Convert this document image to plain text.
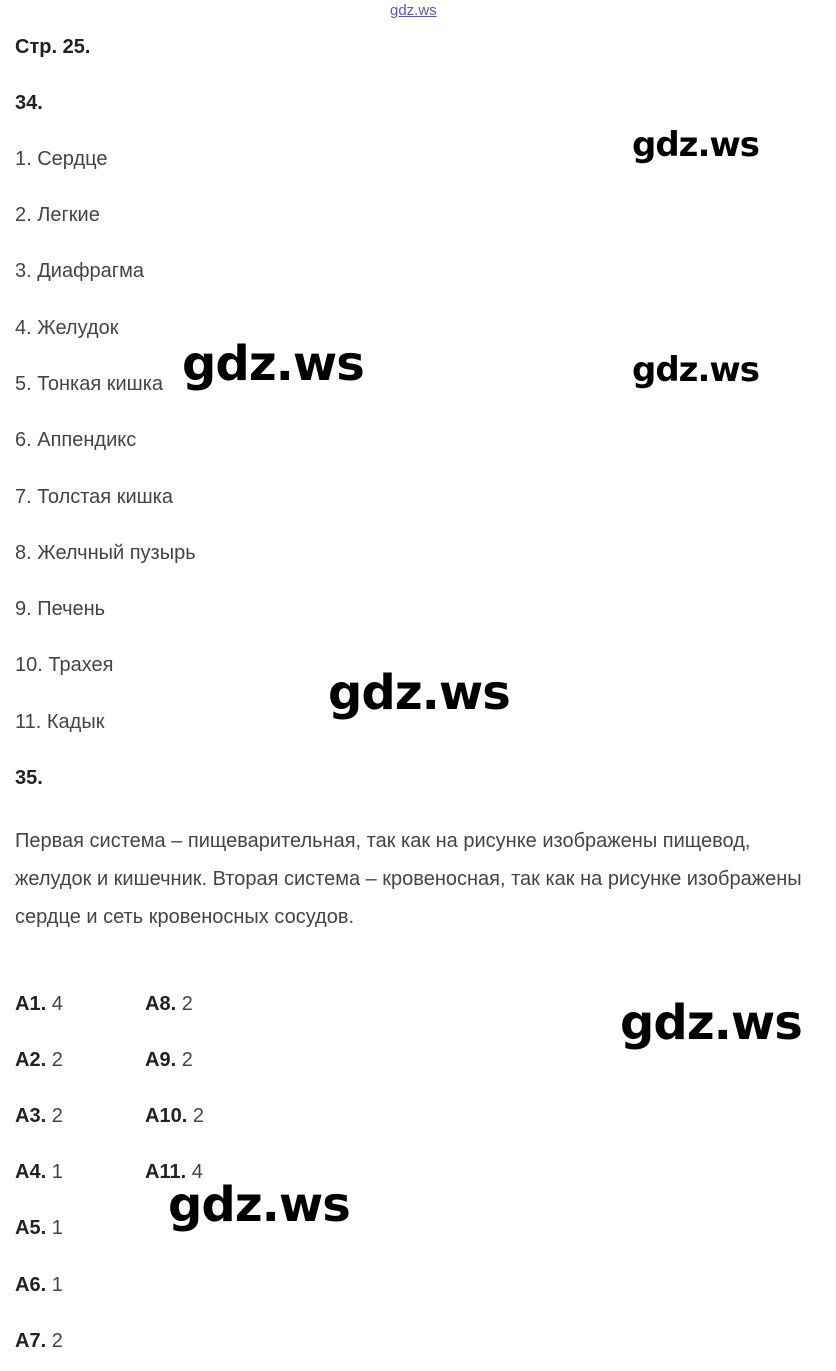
gdz.ws
Стр. 25.
34.
1. Сердце
2. Легкие
3. Диафрагма
4. Желудок
5. Тонкая кишка
6. Аппендикс
7. Толстая кишка
8. Желчный пузырь
9. Печень
10. Трахея
11. Кадык
35.
Первая система – пищеварительная, так как на рисунке изображены пищевод, желудок и кишечник. Вторая система – кровеносная, так как на рисунке изображены сердце и сеть кровеносных сосудов.
А1. 4
А2. 2
А3. 2
А4. 1
А5. 1
А6. 1
А7. 2
А8. 2
А9. 2
А10. 2
А11. 4
gdz.ws
gdz.ws	gdz.ws
gdz.ws
gdz.ws
gdz.ws
